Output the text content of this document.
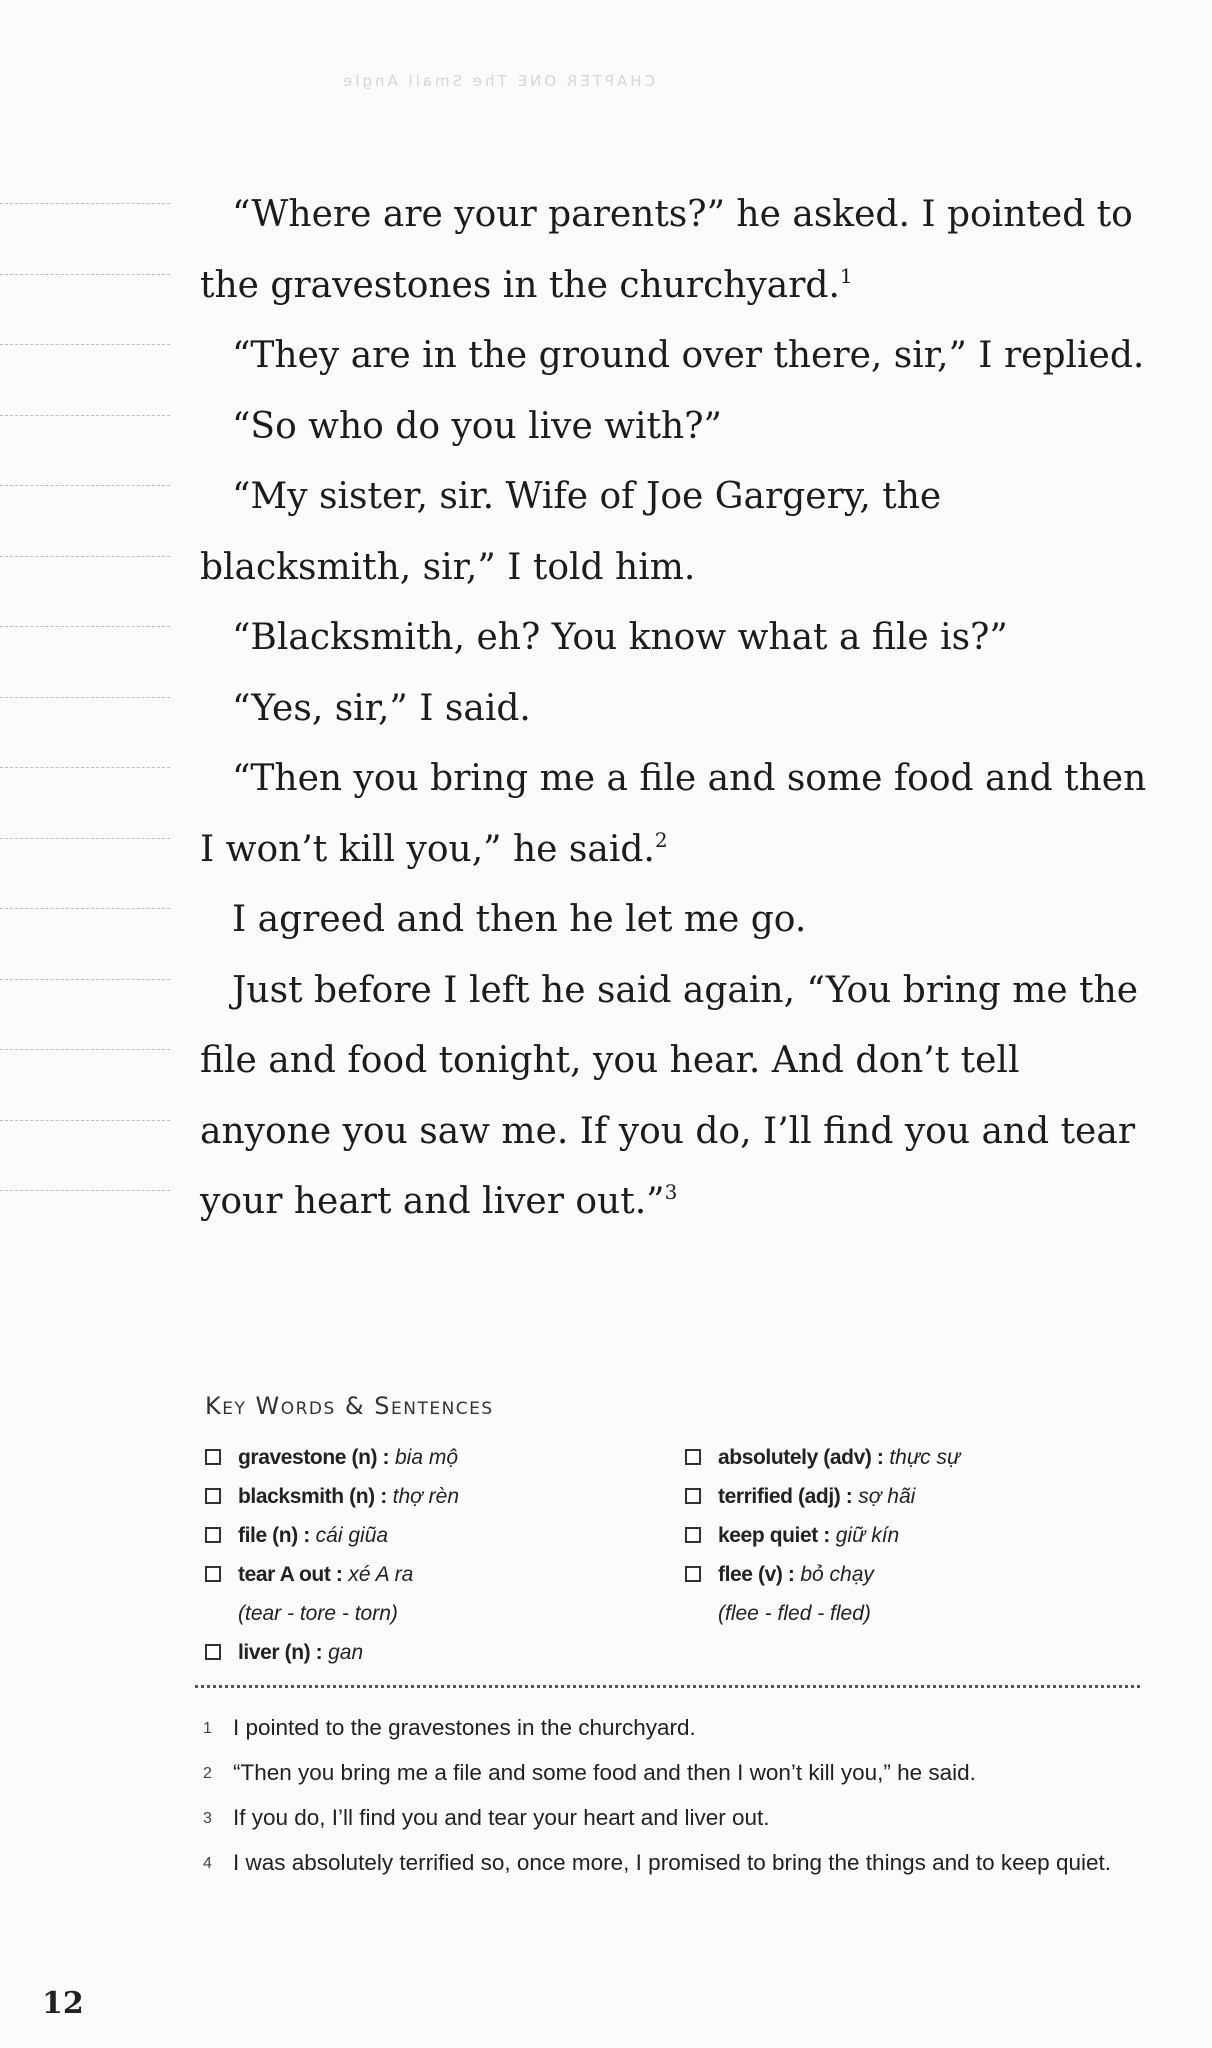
CHAPTER ONE The Small Angle

“Where are your parents?” he asked. I pointed to the gravestones in the churchyard.$^1$

“They are in the ground over there, sir,” I replied.

“So who do you live with?”

“My sister, sir. Wife of Joe Gargery, the blacksmith, sir,” I told him.

“Blacksmith, eh? You know what a file is?”

“Yes, sir,” I said.

“Then you bring me a file and some food and then I won’t kill you,” he said.$^2$

I agreed and then he let me go.

Just before I left he said again, “You bring me the file and food tonight, you hear. And don’t tell anyone you saw me. If you do, I’ll find you and tear your heart and liver out.”$^3$

Key Words & Sentences
gravestone (n) : bia mộ
blacksmith (n) : thợ rèn
file (n) : cái giũa
tear A out : xé A ra
(tear - tore - torn)
liver (n) : gan
absolutely (adv) : thực sự
terrified (adj) : sợ hãi
keep quiet : giữ kín
flee (v) : bỏ chạy
(flee - fled - fled)
1 I pointed to the gravestones in the churchyard.
2 “Then you bring me a file and some food and then I won’t kill you,” he said.
3 If you do, I’ll find you and tear your heart and liver out.
4 I was absolutely terrified so, once more, I promised to bring the things and to keep quiet.
12
